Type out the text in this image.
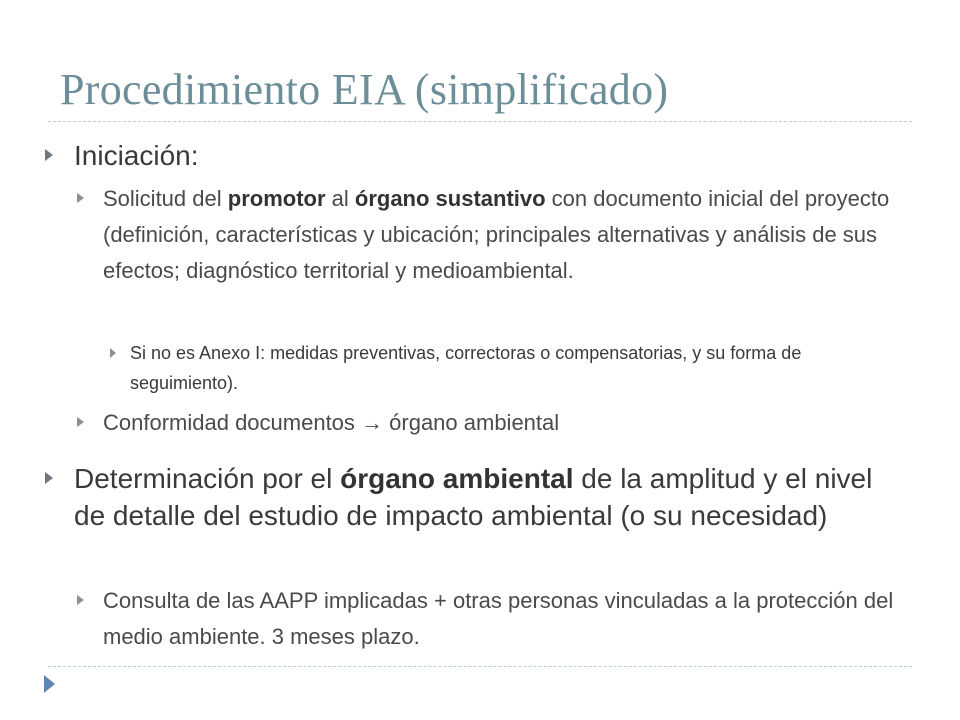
Procedimiento EIA (simplificado)
Iniciación:
Solicitud del promotor al órgano sustantivo con documento inicial del proyecto (definición, características y ubicación; principales alternativas y análisis de sus efectos; diagnóstico territorial y medioambiental.
Si no es Anexo I: medidas preventivas, correctoras o compensatorias, y su forma de seguimiento).
Conformidad documentos → órgano ambiental
Determinación por el órgano ambiental de la amplitud y el nivel de detalle del estudio de impacto ambiental (o su necesidad)
Consulta de las AAPP implicadas + otras personas vinculadas a la protección del medio ambiente. 3 meses plazo.
